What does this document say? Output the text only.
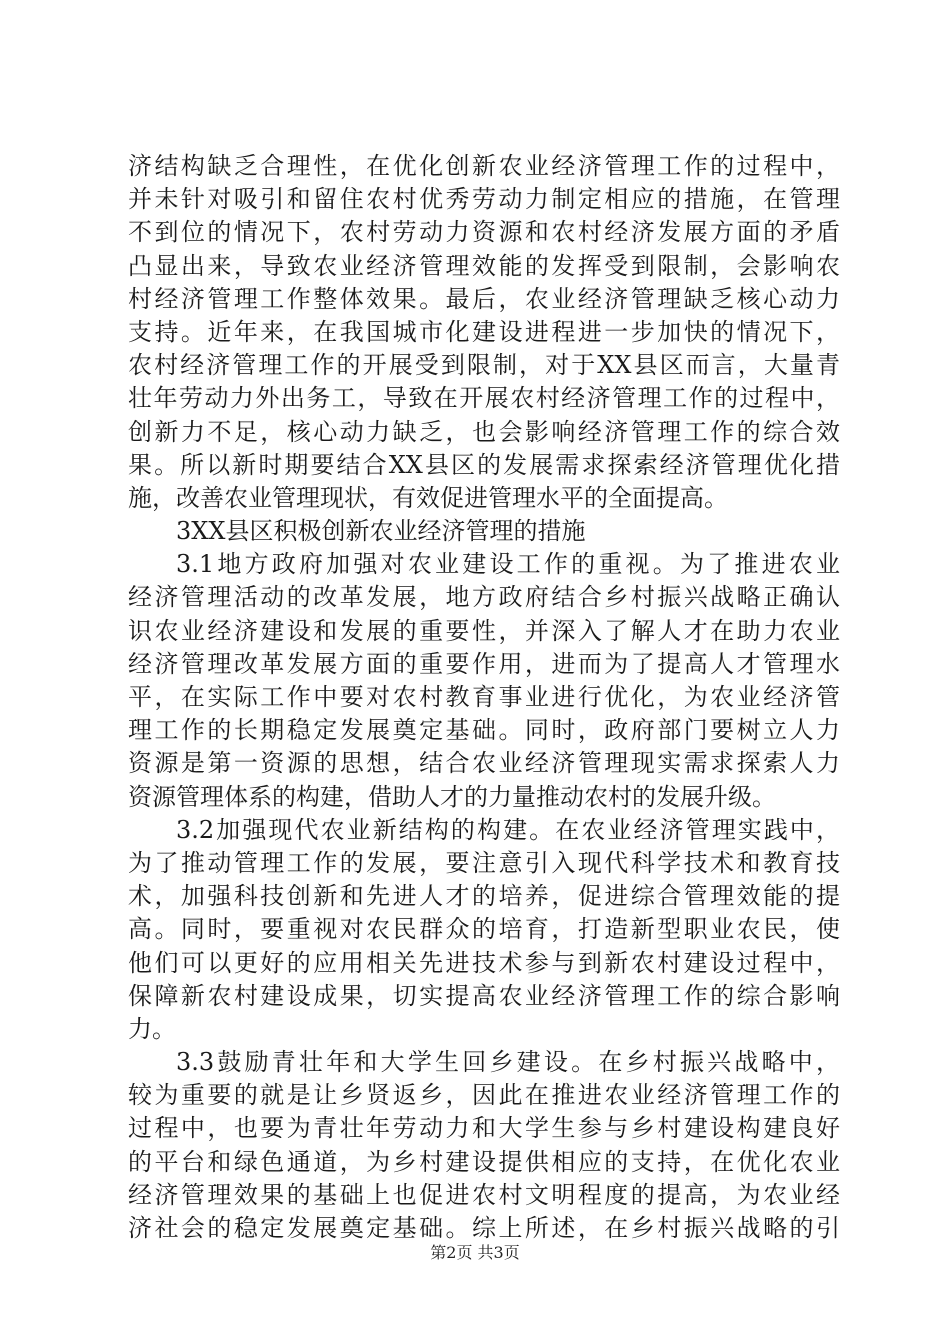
济结构缺乏合理性，在优化创新农业经济管理工作的过程中，
并未针对吸引和留住农村优秀劳动力制定相应的措施，在管理
不到位的情况下，农村劳动力资源和农村经济发展方面的矛盾
凸显出来，导致农业经济管理效能的发挥受到限制，会影响农
村经济管理工作整体效果。最后，农业经济管理缺乏核心动力
支持。近年来，在我国城市化建设进程进一步加快的情况下，
农村经济管理工作的开展受到限制，对于XX县区而言，大量青
壮年劳动力外出务工，导致在开展农村经济管理工作的过程中，
创新力不足，核心动力缺乏，也会影响经济管理工作的综合效
果。所以新时期要结合XX县区的发展需求探索经济管理优化措
施，改善农业管理现状，有效促进管理水平的全面提高。
3XX县区积极创新农业经济管理的措施
3.1地方政府加强对农业建设工作的重视。为了推进农业
经济管理活动的改革发展，地方政府结合乡村振兴战略正确认
识农业经济建设和发展的重要性，并深入了解人才在助力农业
经济管理改革发展方面的重要作用，进而为了提高人才管理水
平，在实际工作中要对农村教育事业进行优化，为农业经济管
理工作的长期稳定发展奠定基础。同时，政府部门要树立人力
资源是第一资源的思想，结合农业经济管理现实需求探索人力
资源管理体系的构建，借助人才的力量推动农村的发展升级。
3.2加强现代农业新结构的构建。在农业经济管理实践中，
为了推动管理工作的发展，要注意引入现代科学技术和教育技
术，加强科技创新和先进人才的培养，促进综合管理效能的提
高。同时，要重视对农民群众的培育，打造新型职业农民，使
他们可以更好的应用相关先进技术参与到新农村建设过程中，
保障新农村建设成果，切实提高农业经济管理工作的综合影响
力。
3.3鼓励青壮年和大学生回乡建设。在乡村振兴战略中，
较为重要的就是让乡贤返乡，因此在推进农业经济管理工作的
过程中，也要为青壮年劳动力和大学生参与乡村建设构建良好
的平台和绿色通道，为乡村建设提供相应的支持，在优化农业
经济管理效果的基础上也促进农村文明程度的提高，为农业经
济社会的稳定发展奠定基础。综上所述，在乡村振兴战略的引
第2页 共3页
